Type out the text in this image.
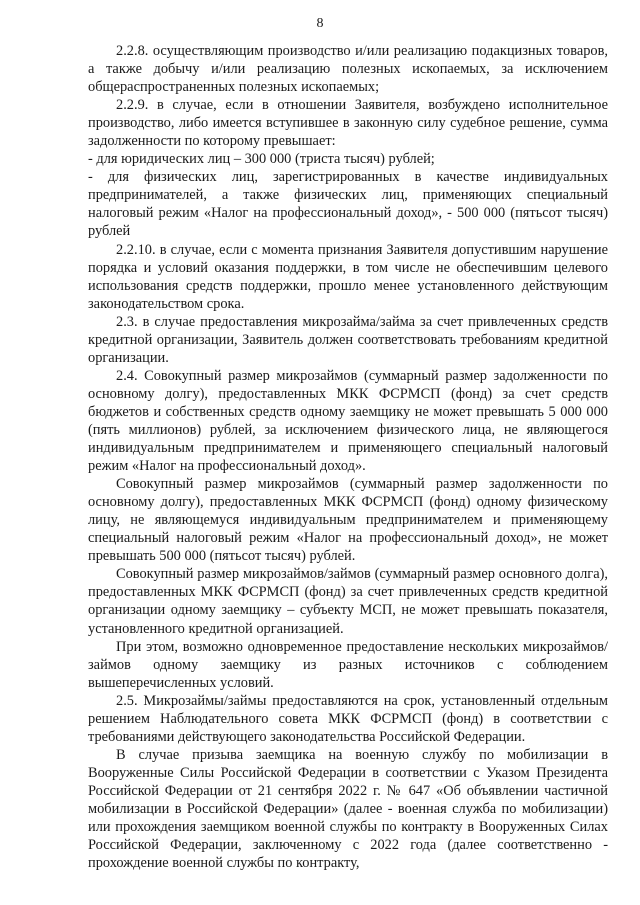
8

2.2.8. осуществляющим производство и/или реализацию подакцизных товаров, а также добычу и/или реализацию полезных ископаемых, за исключением общераспространенных полезных ископаемых;

2.2.9. в случае, если в отношении Заявителя, возбуждено исполнительное производство, либо имеется вступившее в законную силу судебное решение, сумма задолженности по которому превышает:

- для юридических лиц – 300 000 (триста тысяч) рублей;

- для физических лиц, зарегистрированных в качестве индивидуальных предпринимателей, а также физических лиц, применяющих специальный налоговый режим «Налог на профессиональный доход», - 500 000 (пятьсот тысяч) рублей

2.2.10. в случае, если с момента признания Заявителя допустившим нарушение порядка и условий оказания поддержки, в том числе не обеспечившим целевого использования средств поддержки, прошло менее установленного действующим законодательством срока.

2.3. в случае предоставления микрозайма/займа за счет привлеченных средств кредитной организации, Заявитель должен соответствовать требованиям кредитной организации.

2.4. Совокупный размер микрозаймов (суммарный размер задолженности по основному долгу), предоставленных МКК ФСРМСП (фонд) за счет средств бюджетов и собственных средств одному заемщику не может превышать 5 000 000 (пять миллионов) рублей, за исключением физического лица, не являющегося индивидуальным предпринимателем и применяющего специальный налоговый режим «Налог на профессиональный доход».

Совокупный размер микрозаймов (суммарный размер задолженности по основному долгу), предоставленных МКК ФСРМСП (фонд) одному физическому лицу, не являющемуся индивидуальным предпринимателем и применяющему специальный налоговый режим «Налог на профессиональный доход», не может превышать 500 000 (пятьсот тысяч) рублей.

Совокупный размер микрозаймов/займов (суммарный размер основного долга), предоставленных МКК ФСРМСП (фонд) за счет привлеченных средств кредитной организации одному заемщику – субъекту МСП, не может превышать показателя, установленного кредитной организацией.

При этом, возможно одновременное предоставление нескольких микрозаймов/займов одному заемщику из разных источников с соблюдением вышеперечисленных условий.

2.5. Микрозаймы/займы предоставляются на срок, установленный отдельным решением Наблюдательного совета МКК ФСРМСП (фонд) в соответствии с требованиями действующего законодательства Российской Федерации.

В случае призыва заемщика на военную службу по мобилизации в Вооруженные Силы Российской Федерации в соответствии с Указом Президента Российской Федерации от 21 сентября 2022 г. № 647 «Об объявлении частичной мобилизации в Российской Федерации» (далее - военная служба по мобилизации) или прохождения заемщиком военной службы по контракту в Вооруженных Силах Российской Федерации, заключенному с 2022 года (далее соответственно - прохождение военной службы по контракту,
